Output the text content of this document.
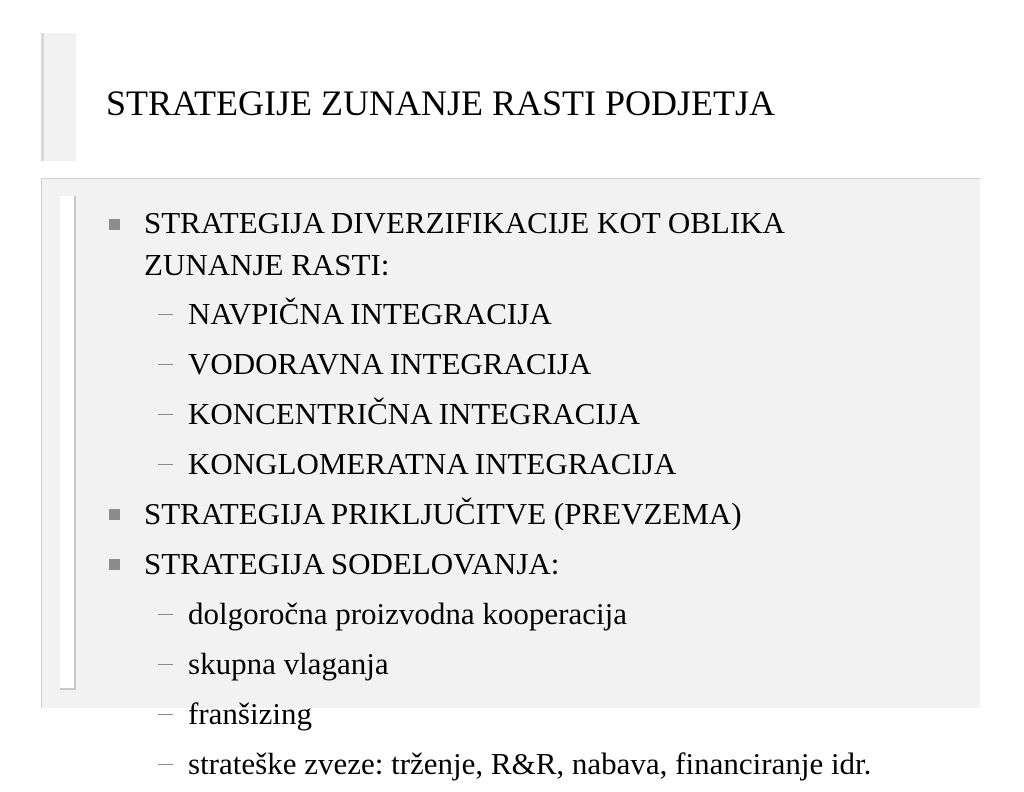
STRATEGIJE ZUNANJE RASTI PODJETJA
STRATEGIJA DIVERZIFIKACIJE KOT OBLIKA ZUNANJE RASTI:
NAVPIČNA INTEGRACIJA
VODORAVNA INTEGRACIJA
KONCENTRIČNA INTEGRACIJA
KONGLOMERATNA INTEGRACIJA
STRATEGIJA PRIKLJUČITVE (PREVZEMA)
STRATEGIJA SODELOVANJA:
dolgoročna proizvodna kooperacija
skupna vlaganja
franšizing
strateške zveze: trženje, R&R, nabava, financiranje idr.
